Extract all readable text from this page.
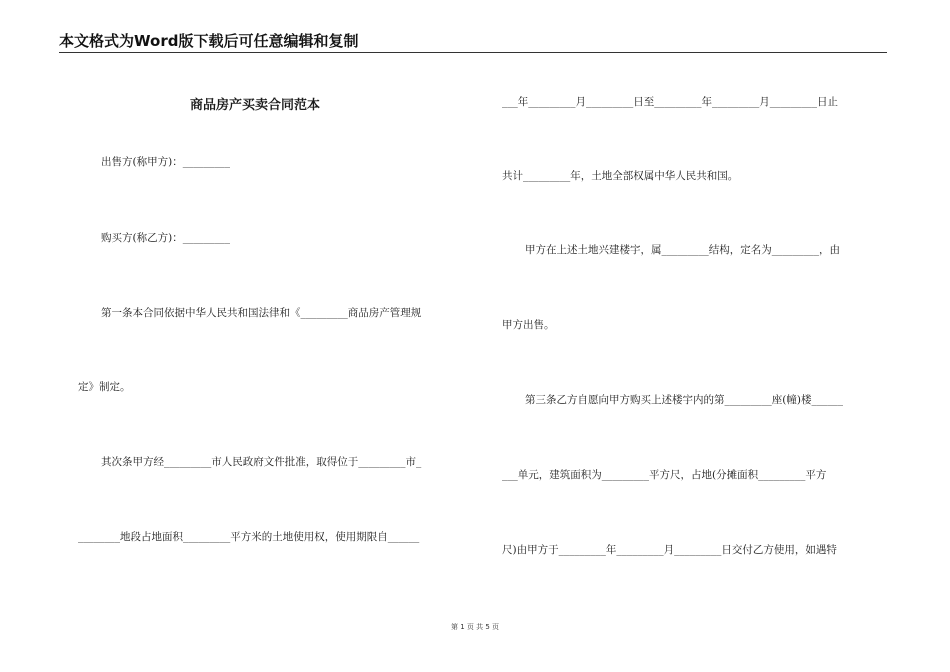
本文格式为Word版下载后可任意编辑和复制
商品房产买卖合同范本
出售方(称甲方)：_________
购买方(称乙方)：_________
第一条本合同依据中华人民共和国法律和《_________商品房产管理规
定》制定。
其次条甲方经_________市人民政府文件批准，取得位于_________市_
________地段占地面积_________平方米的土地使用权，使用期限自______
___年_________月_________日至_________年_________月_________日止
共计_________年，土地全部权属中华人民共和国。
甲方在上述土地兴建楼宇，属_________结构，定名为_________，由
甲方出售。
第三条乙方自愿向甲方购买上述楼宇内的第_________座(幢)楼______
___单元，建筑面积为_________平方尺，占地(分摊面积_________平方
尺)由甲方于_________年_________月_________日交付乙方使用，如遇特
第 1 页 共 5 页
